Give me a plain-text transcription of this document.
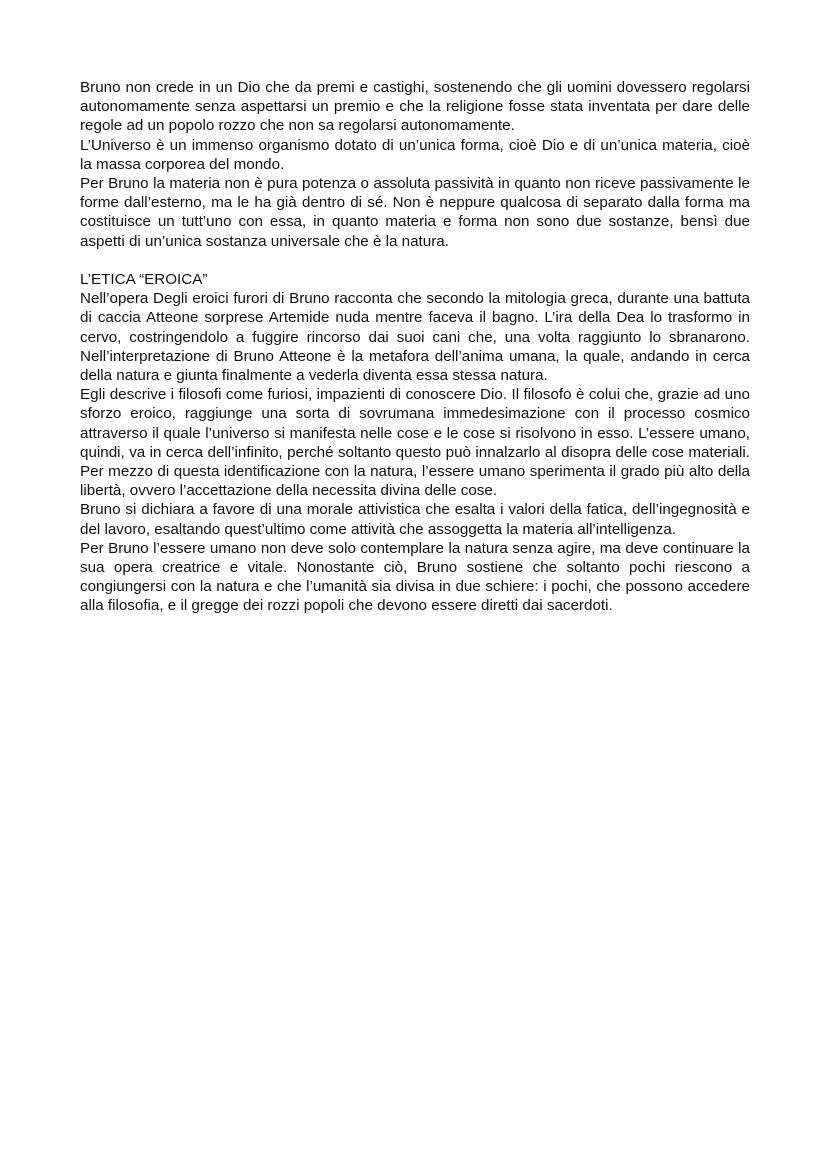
Bruno non crede in un Dio che da premi e castighi, sostenendo che gli uomini dovessero regolarsi autonomamente senza aspettarsi un premio e che la religione fosse stata inventata per dare delle regole ad un popolo rozzo che non sa regolarsi autonomamente.

L’Universo è un immenso organismo dotato di un’unica forma, cioè Dio e di un’unica materia, cioè la massa corporea del mondo.

Per Bruno la materia non è pura potenza o assoluta passività in quanto non riceve passivamente le forme dall’esterno, ma le ha già dentro di sé. Non è neppure qualcosa di separato dalla forma ma costituisce un tutt’uno con essa, in quanto materia e forma non sono due sostanze, bensì due aspetti di un’unica sostanza universale che è la natura.

L’ETICA “EROICA”

Nell’opera Degli eroici furori di Bruno racconta che secondo la mitologia greca, durante una battuta di caccia Atteone sorprese Artemide nuda mentre faceva il bagno. L’ira della Dea lo trasformo in cervo, costringendolo a fuggire rincorso dai suoi cani che, una volta raggiunto lo sbranarono. Nell’interpretazione di Bruno Atteone è la metafora dell’anima umana, la quale, andando in cerca della natura e giunta finalmente a vederla diventa essa stessa natura.

Egli descrive i filosofi come furiosi, impazienti di conoscere Dio. Il filosofo è colui che, grazie ad uno sforzo eroico, raggiunge una sorta di sovrumana immedesimazione con il processo cosmico attraverso il quale l’universo si manifesta nelle cose e le cose si risolvono in esso. L’essere umano, quindi, va in cerca dell’infinito, perché soltanto questo può innalzarlo al disopra delle cose materiali. Per mezzo di questa identificazione con la natura, l’essere umano sperimenta il grado più alto della libertà, ovvero l’accettazione della necessita divina delle cose.

Bruno si dichiara a favore di una morale attivistica che esalta i valori della fatica, dell’ingegnosità e del lavoro, esaltando quest’ultimo come attività che assoggetta la materia all’intelligenza.

Per Bruno l’essere umano non deve solo contemplare la natura senza agire, ma deve continuare la sua opera creatrice e vitale. Nonostante ciò, Bruno sostiene che soltanto pochi riescono a congiungersi con la natura e che l’umanità sia divisa in due schiere: i pochi, che possono accedere alla filosofia, e il gregge dei rozzi popoli che devono essere diretti dai sacerdoti.
